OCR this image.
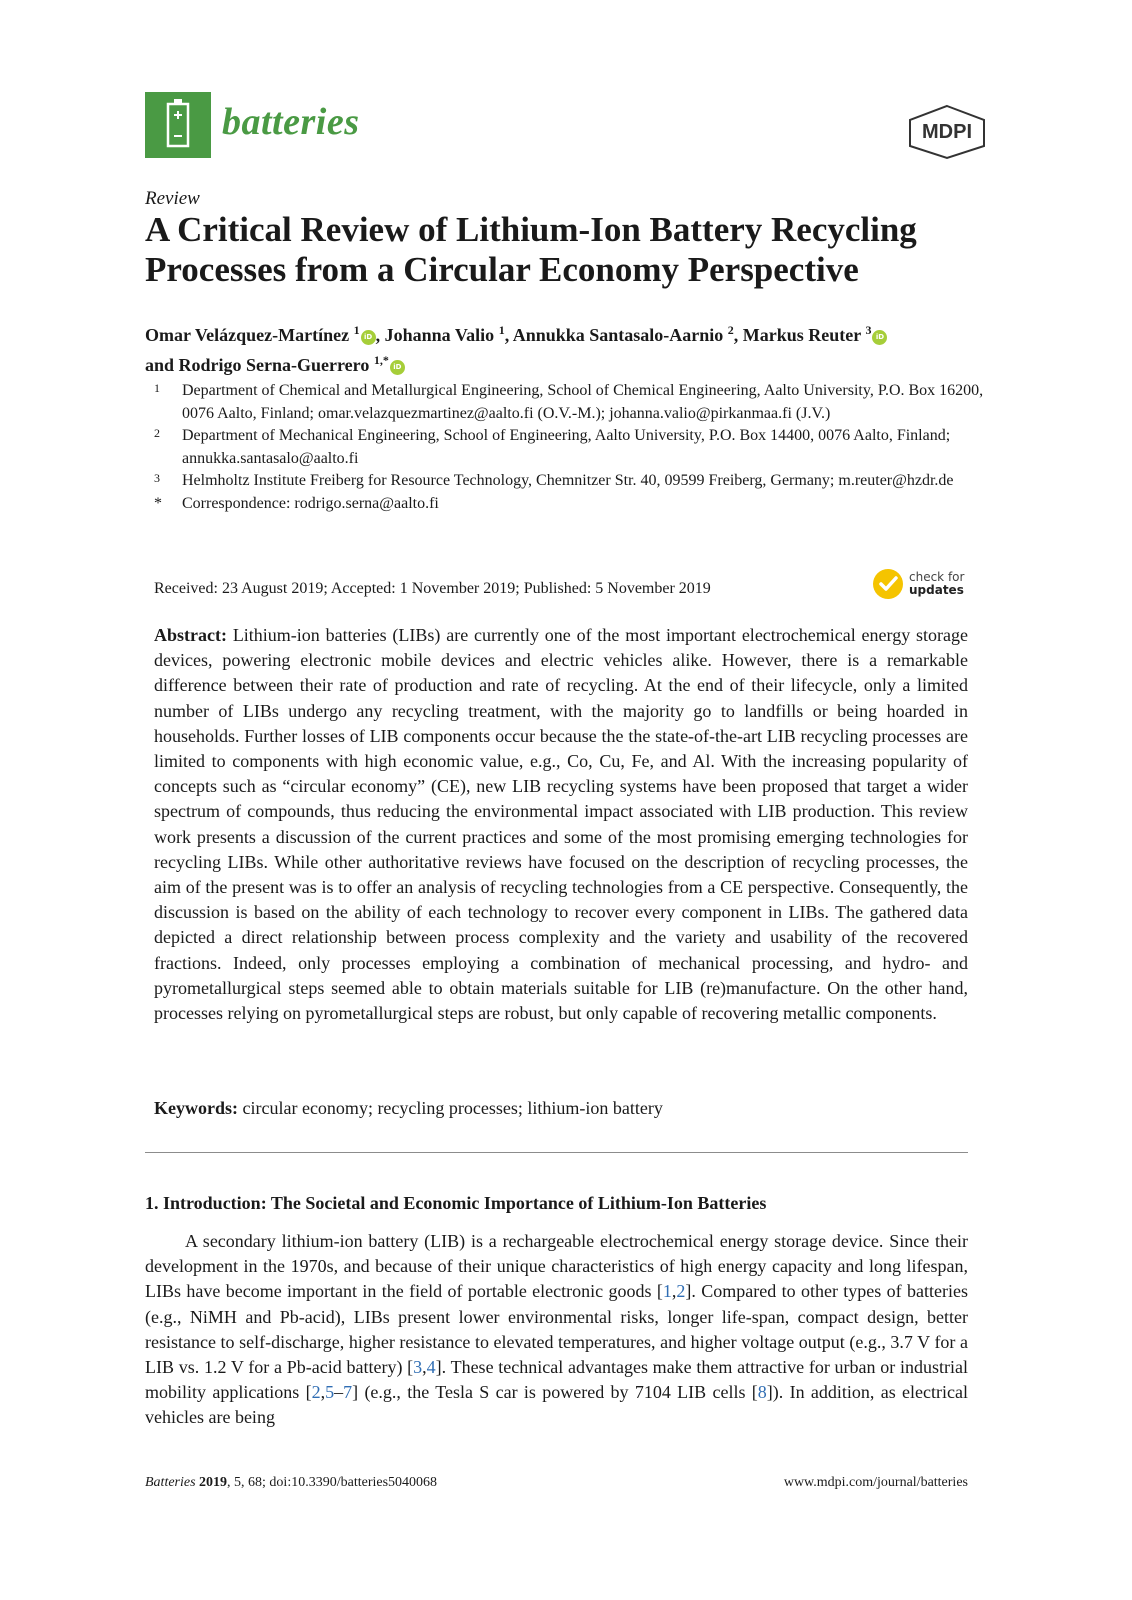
batteries	MDPI
Review
A Critical Review of Lithium-Ion Battery Recycling Processes from a Circular Economy Perspective
Omar Velázquez-Martínez $^1$ iD , Johanna Valio $^1$, Annukka Santasalo-Aarnio $^2$, Markus Reuter $^3$ iD
and Rodrigo Serna-Guerrero $^{1,*}$ iD
1	Department of Chemical and Metallurgical Engineering, School of Chemical Engineering, Aalto University, P.O. Box 16200, 0076 Aalto, Finland; omar.velazquezmartinez@aalto.fi (O.V.-M.); johanna.valio@pirkanmaa.fi (J.V.)
2	Department of Mechanical Engineering, School of Engineering, Aalto University, P.O. Box 14400, 0076 Aalto, Finland; annukka.santasalo@aalto.fi
3	Helmholtz Institute Freiberg for Resource Technology, Chemnitzer Str. 40, 09599 Freiberg, Germany; m.reuter@hzdr.de
*	Correspondence: rodrigo.serna@aalto.fi
Received: 23 August 2019; Accepted: 1 November 2019; Published: 5 November 2019
check for
updates

Abstract: Lithium-ion batteries (LIBs) are currently one of the most important electrochemical energy storage devices, powering electronic mobile devices and electric vehicles alike. However, there is a remarkable difference between their rate of production and rate of recycling. At the end of their lifecycle, only a limited number of LIBs undergo any recycling treatment, with the majority go to landfills or being hoarded in households. Further losses of LIB components occur because the the state-of-the-art LIB recycling processes are limited to components with high economic value, e.g., Co, Cu, Fe, and Al. With the increasing popularity of concepts such as “circular economy” (CE), new LIB recycling systems have been proposed that target a wider spectrum of compounds, thus reducing the environmental impact associated with LIB production. This review work presents a discussion of the current practices and some of the most promising emerging technologies for recycling LIBs. While other authoritative reviews have focused on the description of recycling processes, the aim of the present was is to offer an analysis of recycling technologies from a CE perspective. Consequently, the discussion is based on the ability of each technology to recover every component in LIBs. The gathered data depicted a direct relationship between process complexity and the variety and usability of the recovered fractions. Indeed, only processes employing a combination of mechanical processing, and hydro- and pyrometallurgical steps seemed able to obtain materials suitable for LIB (re)manufacture. On the other hand, processes relying on pyrometallurgical steps are robust, but only capable of recovering metallic components.

Keywords: circular economy; recycling processes; lithium-ion battery
1. Introduction: The Societal and Economic Importance of Lithium-Ion Batteries

A secondary lithium-ion battery (LIB) is a rechargeable electrochemical energy storage device. Since their development in the 1970s, and because of their unique characteristics of high energy capacity and long lifespan, LIBs have become important in the field of portable electronic goods [1,2]. Compared to other types of batteries (e.g., NiMH and Pb-acid), LIBs present lower environmental risks, longer life-span, compact design, better resistance to self-discharge, higher resistance to elevated temperatures, and higher voltage output (e.g., 3.7 V for a LIB vs. 1.2 V for a Pb-acid battery) [3,4]. These technical advantages make them attractive for urban or industrial mobility applications [2,5–7] (e.g., the Tesla S car is powered by 7104 LIB cells [8]). In addition, as electrical vehicles are being

Batteries 2019, 5, 68; doi:10.3390/batteries5040068	www.mdpi.com/journal/batteries
